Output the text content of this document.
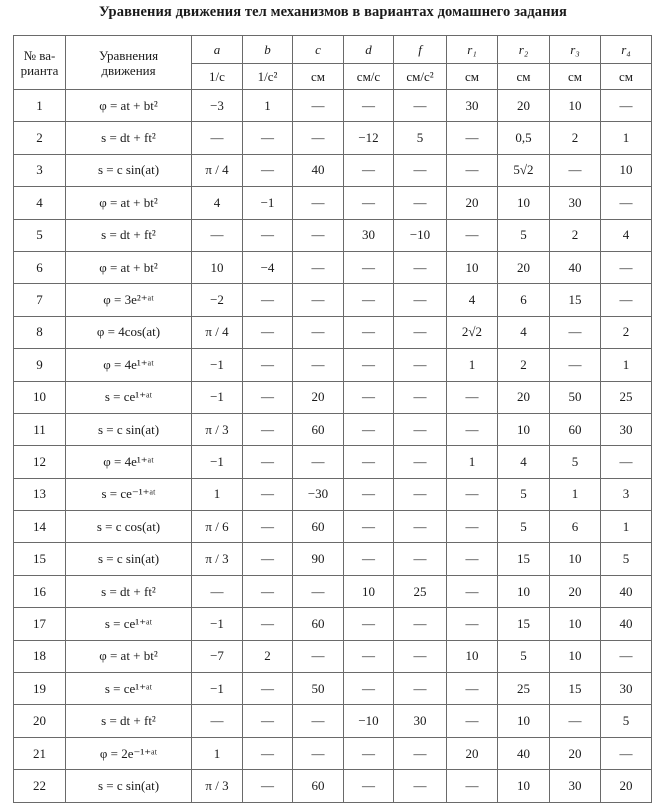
Уравнения движения тел механизмов в вариантах домашнего задания
№ ва-
рианта	Уравнения
движения	a	b	c	d	f	r₁	r₂	r₃	r₄
		1/с	1/с²	см	см/с	см/с²	см	см	см	см
1	φ = at + bt²	−3	1	—	—	—	30	20	10	—
2	s = dt + ft²	—	—	—	−12	5	—	0,5	2	1
3	s = c sin(at)	π / 4	—	40	—	—	—	5√2	—	10
4	φ = at + bt²	4	−1	—	—	—	20	10	30	—
5	s = dt + ft²	—	—	—	30	−10	—	5	2	4
6	φ = at + bt²	10	−4	—	—	—	10	20	40	—
7	φ = 3e²⁺ᵃᵗ	−2	—	—	—	—	4	6	15	—
8	φ = 4cos(at)	π / 4	—	—	—	—	2√2	4	—	2
9	φ = 4e¹⁺ᵃᵗ	−1	—	—	—	—	1	2	—	1
10	s = ce¹⁺ᵃᵗ	−1	—	20	—	—	—	20	50	25
11	s = c sin(at)	π / 3	—	60	—	—	—	10	60	30
12	φ = 4e¹⁺ᵃᵗ	−1	—	—	—	—	1	4	5	—
13	s = ce⁻¹⁺ᵃᵗ	1	—	−30	—	—	—	5	1	3
14	s = c cos(at)	π / 6	—	60	—	—	—	5	6	1
15	s = c sin(at)	π / 3	—	90	—	—	—	15	10	5
16	s = dt + ft²	—	—	—	10	25	—	10	20	40
17	s = ce¹⁺ᵃᵗ	−1	—	60	—	—	—	15	10	40
18	φ = at + bt²	−7	2	—	—	—	10	5	10	—
19	s = ce¹⁺ᵃᵗ	−1	—	50	—	—	—	25	15	30
20	s = dt + ft²	—	—	—	−10	30	—	10	—	5
21	φ = 2e⁻¹⁺ᵃᵗ	1	—	—	—	—	20	40	20	—
22	s = c sin(at)	π / 3	—	60	—	—	—	10	30	20
